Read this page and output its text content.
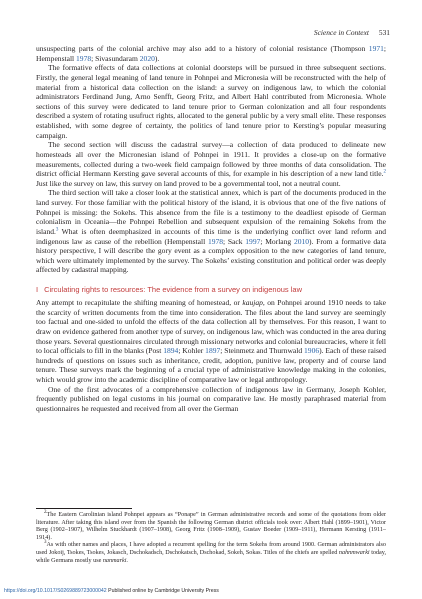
Science in Context 531

unsuspecting parts of the colonial archive may also add to a history of colonial resistance (Thompson 1971; Hempenstall 1978; Sivasundaram 2020).

The formative effects of data collections at colonial doorsteps will be pursued in three subsequent sections. Firstly, the general legal meaning of land tenure in Pohnpei and Micronesia will be reconstructed with the help of material from a historical data collection on the island: a survey on indigenous law, to which the colonial administrators Ferdinand Jung, Arno Senfft, Georg Fritz, and Albert Hahl contributed from Micronesia. Whole sections of this survey were dedicated to land tenure prior to German colonization and all four respondents described a system of rotating usufruct rights, allocated to the general public by a very small elite. These responses established, with some degree of certainty, the politics of land tenure prior to Kersting’s popular measuring campaign.

The second section will discuss the cadastral survey—a collection of data produced to delineate new homesteads all over the Micronesian island of Pohnpei in 1911. It provides a close-up on the formative measurements, collected during a two-week field campaign followed by three months of data consolidation. The district official Hermann Kersting gave several accounts of this, for example in his description of a new land title.$^2$ Just like the survey on law, this survey on land proved to be a governmental tool, not a neutral count.

The third section will take a closer look at the statistical annex, which is part of the documents produced in the land survey. For those familiar with the political history of the island, it is obvious that one of the five nations of Pohnpei is missing: the Sokehs. This absence from the file is a testimony to the deadliest episode of German colonialism in Oceania—the Pohnpei Rebellion and subsequent expulsion of the remaining Sokehs from the island.$^3$ What is often deemphasized in accounts of this time is the underlying conflict over land reform and indigenous law as cause of the rebellion (Hempenstall 1978; Sack 1997; Morlang 2010). From a formative data history perspective, I will describe the gory event as a complex opposition to the new categories of land tenure, which were ultimately implemented by the survey. The Sokehs’ existing constitution and political order was deeply affected by cadastral mapping.

I Circulating rights to resources: The evidence from a survey on indigenous law

Any attempt to recapitulate the shifting meaning of homestead, or kaujap, on Pohnpei around 1910 needs to take the scarcity of written documents from the time into consideration. The files about the land survey are seemingly too factual and one-sided to unfold the effects of the data collection all by themselves. For this reason, I want to draw on evidence gathered from another type of survey, on indigenous law, which was conducted in the area during those years. Several questionnaires circulated through missionary networks and colonial bureaucracies, where it fell to local officials to fill in the blanks (Post 1894; Kohler 1897; Steinmetz and Thurnwald 1906). Each of these raised hundreds of questions on issues such as inheritance, credit, adoption, punitive law, property and of course land tenure. These surveys mark the beginning of a crucial type of administrative knowledge making in the colonies, which would grow into the academic discipline of comparative law or legal anthropology.

One of the first advocates of a comprehensive collection of indigenous law in Germany, Joseph Kohler, frequently published on legal customs in his journal on comparative law. He mostly paraphrased material from questionnaires he requested and received from all over the German

$^2$The Eastern Carolinian island Pohnpei appears as “Ponape” in German administrative records and some of the quotations from older literature. After taking this island over from the Spanish the following German district officials took over: Albert Hahl (1899–1901), Victor Berg (1902–1907), Wilhelm Stuckhardt (1907–1908), Georg Fritz (1908–1909), Gustav Boeder (1909–1911), Hermann Kersting (1911–1914).

$^3$As with other names and places, I have adopted a recurrent spelling for the term Sokehs from around 1900. German administrators also used Jokoij, Tsokes, Tsokes, Jokasch, Dschokadsch, Dschokatsch, Dschokad, Sokeh, Sokas. Titles of the chiefs are spelled nahnmwarki today, while Germans mostly use nanmarki.

https://doi.org/10.1017/S0269889723000042 Published online by Cambridge University Press
